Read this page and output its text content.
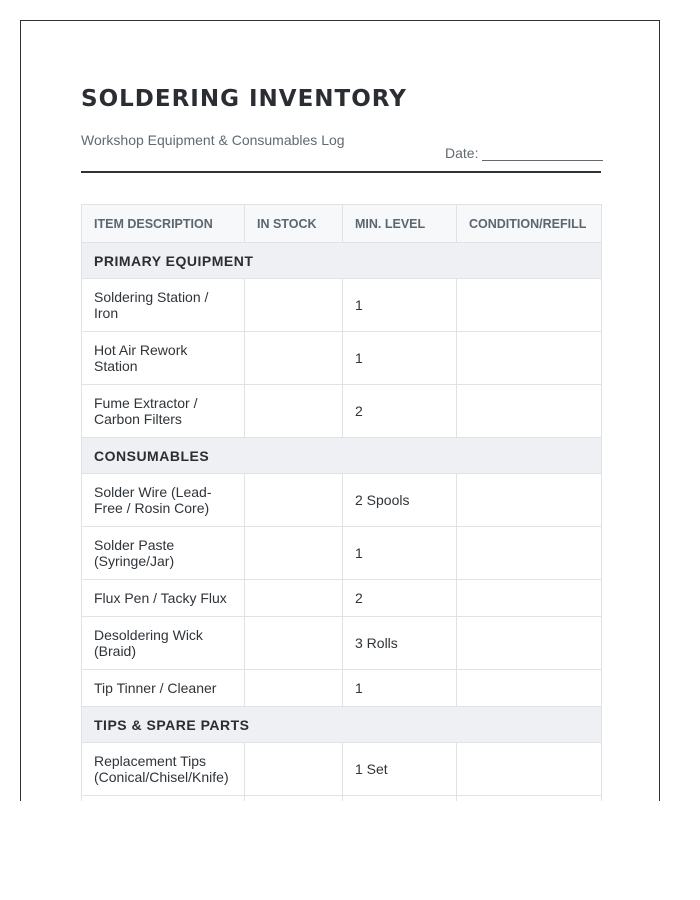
SOLDERING INVENTORY
Workshop Equipment & Consumables Log
Date:
ITEM DESCRIPTION	IN STOCK	MIN. LEVEL	CONDITION/REFILL
PRIMARY EQUIPMENT			
Soldering Station / Iron		1	
Hot Air Rework Station		1	
Fume Extractor / Carbon Filters		2	
CONSUMABLES			
Solder Wire (Lead-Free / Rosin Core)		2 Spools	
Solder Paste (Syringe/Jar)		1	
Flux Pen / Tacky Flux		2	
Desoldering Wick (Braid)		3 Rolls	
Tip Tinner / Cleaner		1	
TIPS & SPARE PARTS			
Replacement Tips (Conical/Chisel/Knife)		1 Set	
